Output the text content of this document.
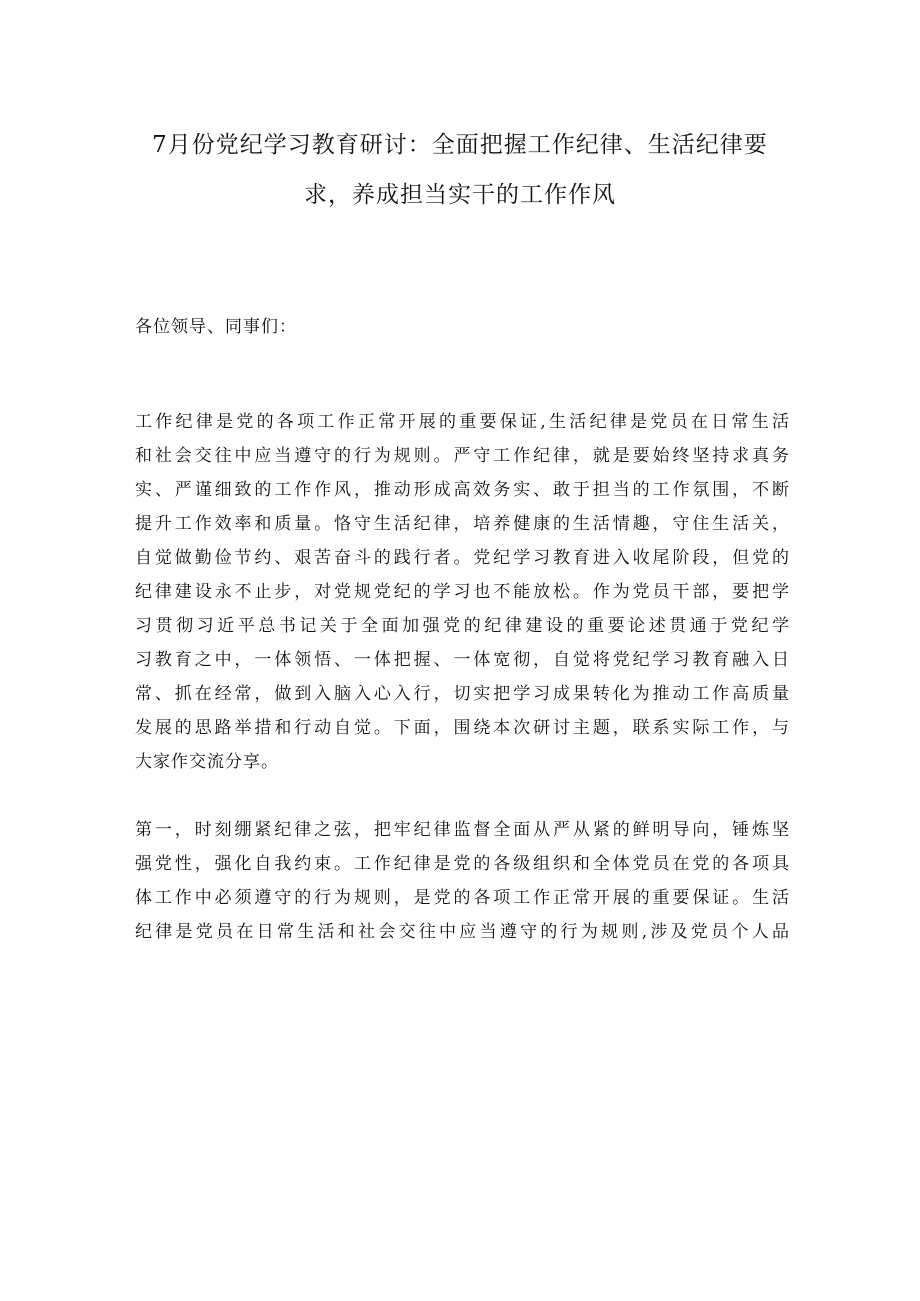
7月份党纪学习教育研讨：全面把握工作纪律、生活纪律要
求，养成担当实干的工作作风
各位领导、同事们：
工作纪律是党的各项工作正常开展的重要保证,生活纪律是党员在日常生活
和社会交往中应当遵守的行为规则。严守工作纪律，就是要始终坚持求真务
实、严谨细致的工作作风，推动形成高效务实、敢于担当的工作氛围，不断
提升工作效率和质量。恪守生活纪律，培养健康的生活情趣，守住生活关，
自觉做勤俭节约、艰苦奋斗的践行者。党纪学习教育进入收尾阶段，但党的
纪律建设永不止步，对党规党纪的学习也不能放松。作为党员干部，要把学
习贯彻习近平总书记关于全面加强党的纪律建设的重要论述贯通于党纪学
习教育之中，一体领悟、一体把握、一体宽彻，自觉将党纪学习教育融入日
常、抓在经常，做到入脑入心入行，切实把学习成果转化为推动工作高质量
发展的思路举措和行动自觉。下面，围绕本次研讨主题，联系实际工作，与
大家作交流分享。
第一，时刻绷紧纪律之弦，把牢纪律监督全面从严从紧的鲜明导向，锤炼坚
强党性，强化自我约束。工作纪律是党的各级组织和全体党员在党的各项具
体工作中必须遵守的行为规则，是党的各项工作正常开展的重要保证。生活
纪律是党员在日常生活和社会交往中应当遵守的行为规则,涉及党员个人品
